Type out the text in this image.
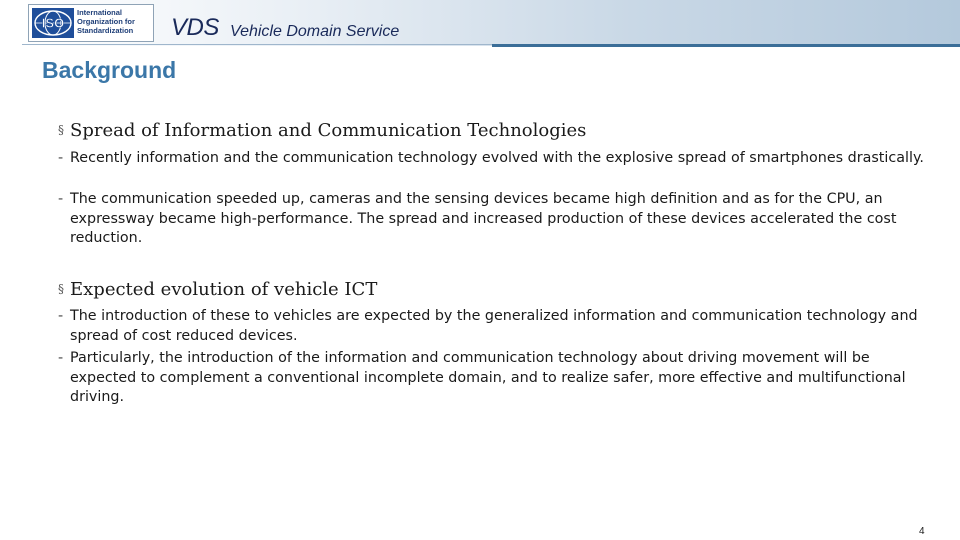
ISO
International
Organization for
Standardization	VDS Vehicle Domain Service
Background
§ Spread of Information and Communication Technologies
- Recently information and the communication technology evolved with the explosive spread of smartphones drastically.
- The communication speeded up, cameras and the sensing devices became high definition and as for the CPU, an expressway became high-performance. The spread and increased production of these devices accelerated the cost reduction.
§ Expected evolution of vehicle ICT
- The introduction of these to vehicles are expected by the generalized information and communication technology and spread of cost reduced devices.
- Particularly, the introduction of the information and communication technology about driving movement will be expected to complement a conventional incomplete domain, and to realize safer, more effective and multifunctional driving.
4
